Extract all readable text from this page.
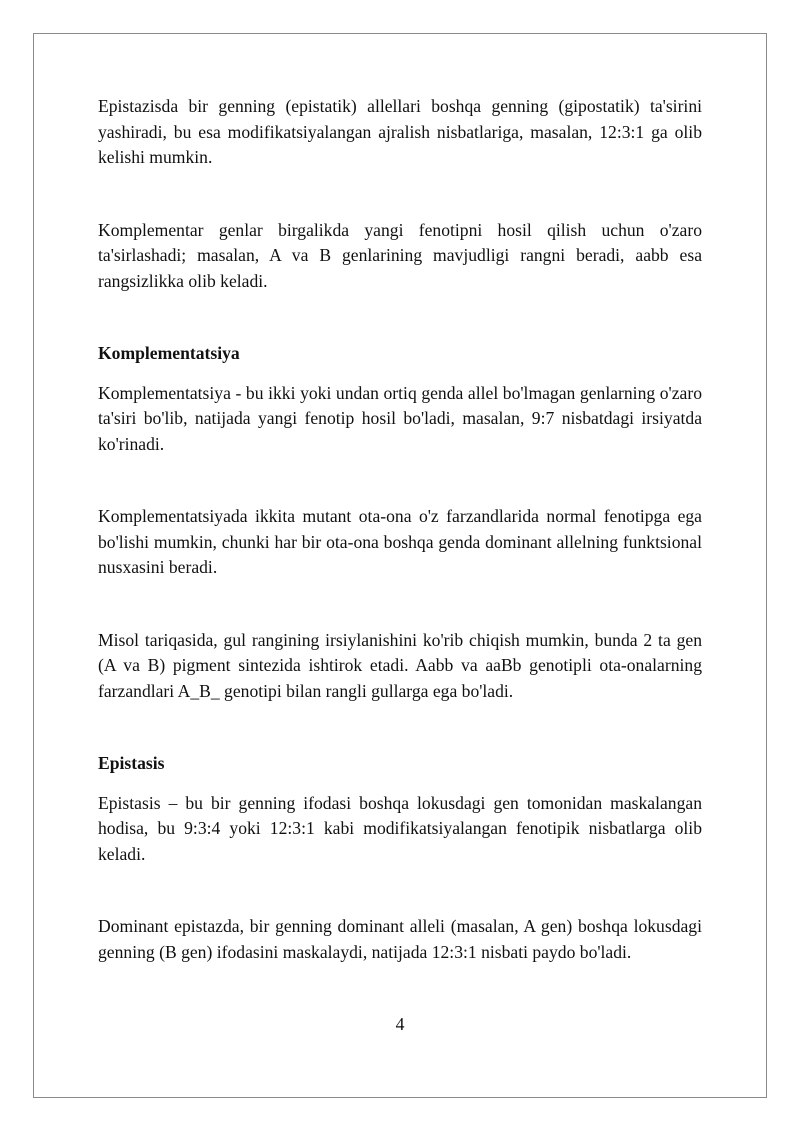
Epistazisda bir genning (epistatik) allellari boshqa genning (gipostatik) ta'sirini yashiradi, bu esa modifikatsiyalangan ajralish nisbatlariga, masalan, 12:3:1 ga olib kelishi mumkin.

Komplementar genlar birgalikda yangi fenotipni hosil qilish uchun o'zaro ta'sirlashadi; masalan, A va B genlarining mavjudligi rangni beradi, aabb esa rangsizlikka olib keladi.

Komplementatsiya

Komplementatsiya - bu ikki yoki undan ortiq genda allel bo'lmagan genlarning o'zaro ta'siri bo'lib, natijada yangi fenotip hosil bo'ladi, masalan, 9:7 nisbatdagi irsiyatda ko'rinadi.

Komplementatsiyada ikkita mutant ota-ona o'z farzandlarida normal fenotipga ega bo'lishi mumkin, chunki har bir ota-ona boshqa genda dominant allelning funktsional nusxasini beradi.

Misol tariqasida, gul rangining irsiylanishini ko'rib chiqish mumkin, bunda 2 ta gen (A va B) pigment sintezida ishtirok etadi. Aabb va aaBb genotipli ota-onalarning farzandlari A_B_ genotipi bilan rangli gullarga ega bo'ladi.

Epistasis

Epistasis – bu bir genning ifodasi boshqa lokusdagi gen tomonidan maskalangan hodisa, bu 9:3:4 yoki 12:3:1 kabi modifikatsiyalangan fenotipik nisbatlarga olib keladi.

Dominant epistazda, bir genning dominant alleli (masalan, A gen) boshqa lokusdagi genning (B gen) ifodasini maskalaydi, natijada 12:3:1 nisbati paydo bo'ladi.

4
